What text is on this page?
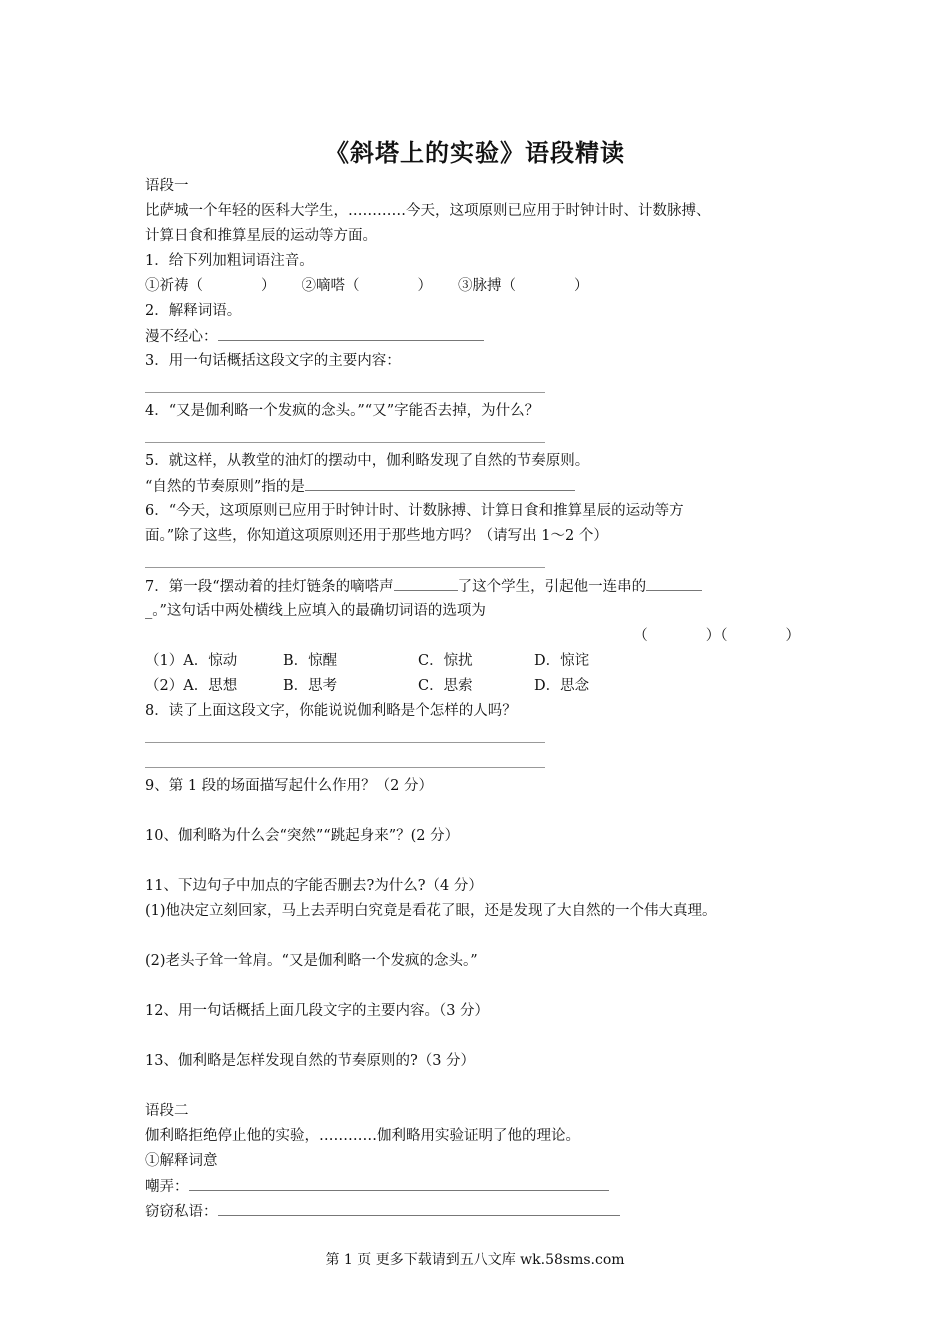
《斜塔上的实验》语段精读
语段一
比萨城一个年轻的医科大学生，…………今天，这项原则已应用于时钟计时、计数脉搏、
计算日食和推算星辰的运动等方面。
1．给下列加粗词语注音。
①祈祷（	） ②嘀嗒（	） ③脉搏（	）
2．解释词语。
漫不经心：
3．用一句话概括这段文字的主要内容：
4．“又是伽利略一个发疯的念头。”“又”字能否去掉，为什么？
5．就这样，从教堂的油灯的摆动中，伽利略发现了自然的节奏原则。
“自然的节奏原则”指的是
6．“今天，这项原则已应用于时钟计时、计数脉搏、计算日食和推算星辰的运动等方
面。”除了这些，你知道这项原则还用于那些地方吗？（请写出 1～2 个）
7．第一段“摆动着的挂灯链条的嘀嗒声	了这个学生，引起他一连串的
_。”这句话中两处横线上应填入的最确切词语的选项为
（　　　　）（　　　　）
（1）A．惊动	B．惊醒	C．惊扰	D．惊诧
（2）A．思想	B．思考	C．思索	D．思念
8．读了上面这段文字，你能说说伽利略是个怎样的人吗？
9、第 1 段的场面描写起什么作用？（2 分）
10、伽利略为什么会“突然”“跳起身来”？(2 分）
11、下边句子中加点的字能否删去?为什么?（4 分）
(1)他决定立刻回家，马上去弄明白究竟是看花了眼，还是发现了大自然的一个伟大真理。
(2)老头子耸一耸肩。“又是伽利略一个发疯的念头。”
12、用一句话概括上面几段文字的主要内容。（3 分）
13、伽利略是怎样发现自然的节奏原则的?（3 分）
语段二
伽利略拒绝停止他的实验，…………伽利略用实验证明了他的理论。
①解释词意
嘲弄：
窃窃私语：
第 1 页 更多下载请到五八文库 wk.58sms.com
